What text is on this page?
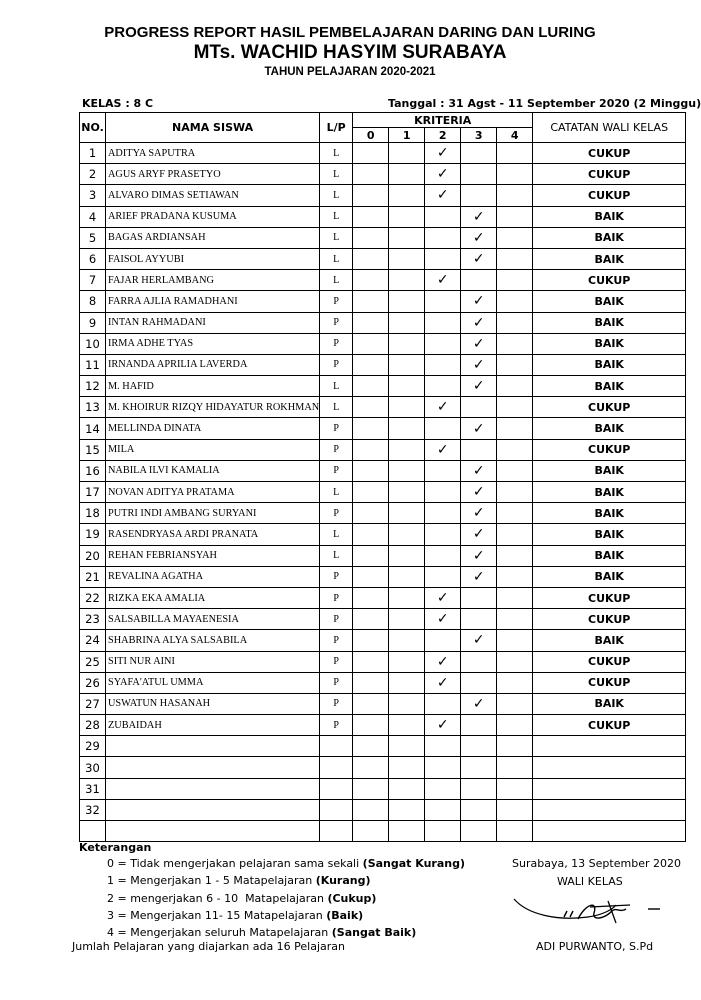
PROGRESS REPORT HASIL PEMBELAJARAN DARING DAN LURING
MTs. WACHID HASYIM SURABAYA
TAHUN PELAJARAN 2020-2021
KELAS : 8 C	Tanggal : 31 Agst - 11 September 2020 (2 Minggu)
NO.	NAMA SISWA	L/P	KRITERIA					CATATAN WALI KELAS
			0	1	2	3	4	
1	ADITYA SAPUTRA	L			✓			CUKUP
2	AGUS ARYF PRASETYO	L			✓			CUKUP
3	ALVARO DIMAS SETIAWAN	L			✓			CUKUP
4	ARIEF PRADANA KUSUMA	L				✓		BAIK
5	BAGAS ARDIANSAH	L				✓		BAIK
6	FAISOL AYYUBI	L				✓		BAIK
7	FAJAR HERLAMBANG	L			✓			CUKUP
8	FARRA AJLIA RAMADHANI	P				✓		BAIK
9	INTAN RAHMADANI	P				✓		BAIK
10	IRMA ADHE TYAS	P				✓		BAIK
11	IRNANDA APRILIA LAVERDA	P				✓		BAIK
12	M. HAFID	L				✓		BAIK
13	M. KHOIRUR RIZQY HIDAYATUR ROKHMAN	L			✓			CUKUP
14	MELLINDA DINATA	P				✓		BAIK
15	MILA	P			✓			CUKUP
16	NABILA ILVI KAMALIA	P				✓		BAIK
17	NOVAN ADITYA PRATAMA	L				✓		BAIK
18	PUTRI INDI AMBANG SURYANI	P				✓		BAIK
19	RASENDRYASA ARDI PRANATA	L				✓		BAIK
20	REHAN FEBRIANSYAH	L				✓		BAIK
21	REVALINA AGATHA	P				✓		BAIK
22	RIZKA EKA AMALIA	P			✓			CUKUP
23	SALSABILLA MAYAENESIA	P			✓			CUKUP
24	SHABRINA ALYA SALSABILA	P				✓		BAIK
25	SITI NUR AINI	P			✓			CUKUP
26	SYAFA'ATUL UMMA	P			✓			CUKUP
27	USWATUN HASANAH	P				✓		BAIK
28	ZUBAIDAH	P			✓			CUKUP
29								
30								
31								
32								

Keterangan
0 = Tidak mengerjakan pelajaran sama sekali (Sangat Kurang)
1 = Mengerjakan 1 - 5 Matapelajaran (Kurang)
2 = mengerjakan 6 - 10  Matapelajaran (Cukup)
3 = Mengerjakan 11- 15 Matapelajaran (Baik)
4 = Mengerjakan seluruh Matapelajaran (Sangat Baik)
Jumlah Pelajaran yang diajarkan ada 16 Pelajaran
Surabaya, 13 September 2020
WALI KELAS
ADI PURWANTO, S.Pd
